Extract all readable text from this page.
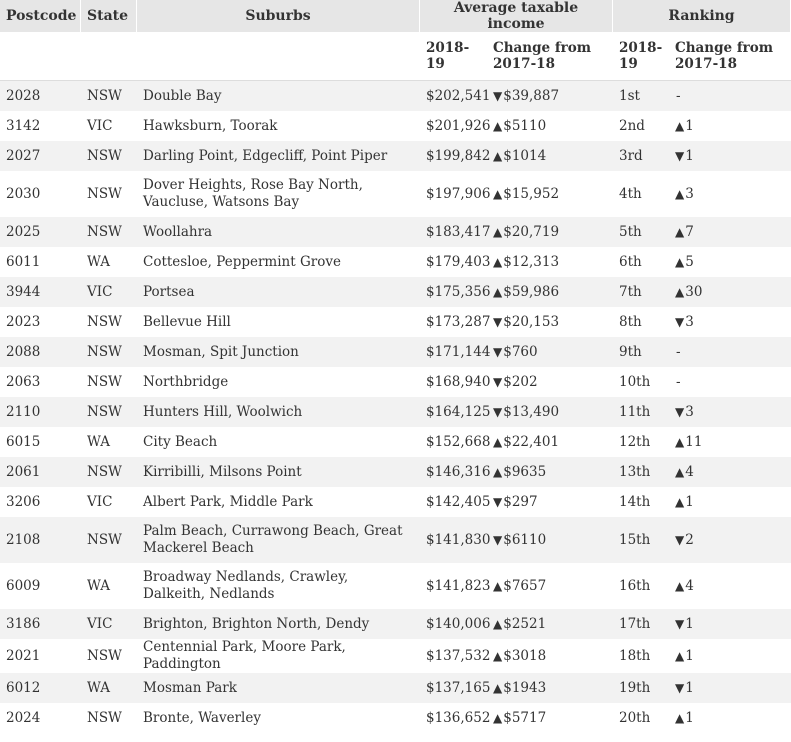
Postcode	State	Suburbs	Average taxable income		Ranking	
			2018-19	Change from 2017-18	2018-19	Change from 2017-18
2028	NSW	Double Bay	$202,541	▼$39,887	1st	-
3142	VIC	Hawksburn, Toorak	$201,926	▲$5110	2nd	▲1
2027	NSW	Darling Point, Edgecliff, Point Piper	$199,842	▲$1014	3rd	▼1
2030	NSW	Dover Heights, Rose Bay North, Vaucluse, Watsons Bay	$197,906	▲$15,952	4th	▲3
2025	NSW	Woollahra	$183,417	▲$20,719	5th	▲7
6011	WA	Cottesloe, Peppermint Grove	$179,403	▲$12,313	6th	▲5
3944	VIC	Portsea	$175,356	▲$59,986	7th	▲30
2023	NSW	Bellevue Hill	$173,287	▼$20,153	8th	▼3
2088	NSW	Mosman, Spit Junction	$171,144	▼$760	9th	-
2063	NSW	Northbridge	$168,940	▼$202	10th	-
2110	NSW	Hunters Hill, Woolwich	$164,125	▼$13,490	11th	▼3
6015	WA	City Beach	$152,668	▲$22,401	12th	▲11
2061	NSW	Kirribilli, Milsons Point	$146,316	▲$9635	13th	▲4
3206	VIC	Albert Park, Middle Park	$142,405	▼$297	14th	▲1
2108	NSW	Palm Beach, Currawong Beach, Great Mackerel Beach	$141,830	▼$6110	15th	▼2
6009	WA	Broadway Nedlands, Crawley, Dalkeith, Nedlands	$141,823	▲$7657	16th	▲4
3186	VIC	Brighton, Brighton North, Dendy	$140,006	▲$2521	17th	▼1
2021	NSW	Centennial Park, Moore Park, Paddington	$137,532	▲$3018	18th	▲1
6012	WA	Mosman Park	$137,165	▲$1943	19th	▼1
2024	NSW	Bronte, Waverley	$136,652	▲$5717	20th	▲1
